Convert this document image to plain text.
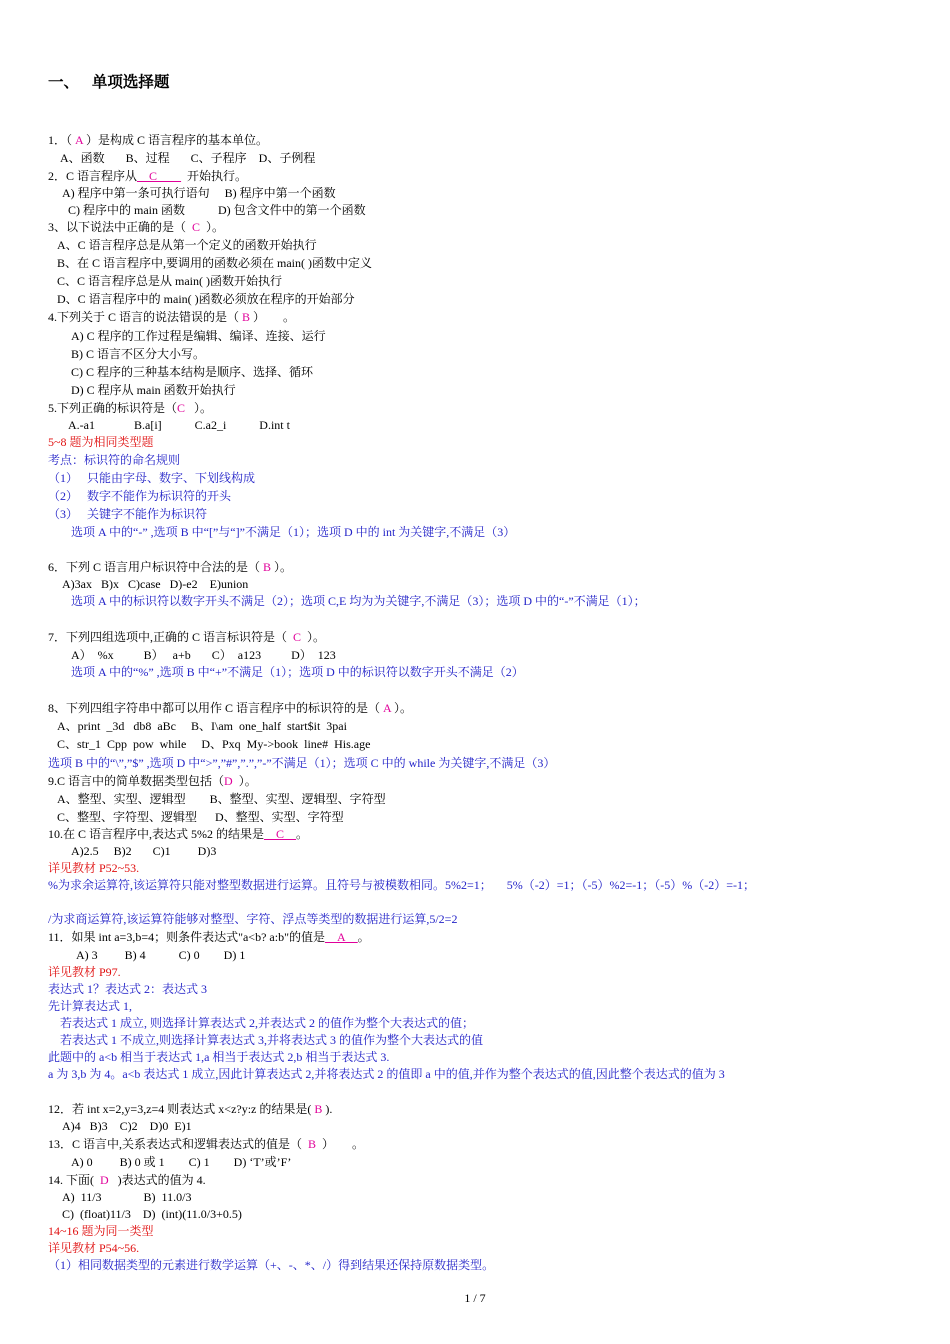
一、   单项选择题
1．（ A ）是构成 C 语言程序的基本单位。
A、函数       B、过程       C、子程序    D、子例程
2．C 语言程序从__C____  开始执行。
A) 程序中第一条可执行语句     B) 程序中第一个函数
C) 程序中的 main 函数           D) 包含文件中的第一个函数
3、以下说法中正确的是（  C  ）。
A、C 语言程序总是从第一个定义的函数开始执行
B、在 C 语言程序中,要调用的函数必须在 main( )函数中定义
C、C 语言程序总是从 main( )函数开始执行
D、C 语言程序中的 main( )函数必须放在程序的开始部分
4.下列关于 C 语言的说法错误的是（ B ）      。
A) C 程序的工作过程是编辑、编译、连接、运行
B) C 语言不区分大小写。
C) C 程序的三种基本结构是顺序、选择、循环
D) C 程序从 main 函数开始执行
5.下列正确的标识符是（C   ）。
A.-a1             B.a[i]           C.a2_i           D.int t
5~8 题为相同类型题
考点：标识符的命名规则
（1）   只能由字母、数字、下划线构成
（2）   数字不能作为标识符的开头
（3）   关键字不能作为标识符
选项 A 中的“-” ,选项 B 中“[”与“]”不满足（1）；选项 D 中的 int 为关键字,不满足（3）
6．下列 C 语言用户标识符中合法的是（ B ）。
A)3ax   B)x   C)case   D)-e2    E)union
选项 A 中的标识符以数字开头不满足（2）；选项 C,E 均为为关键字,不满足（3）；选项 D 中的“-”不满足（1）；
7．下列四组选项中,正确的 C 语言标识符是（  C  ）。
A）  %x          B）   a+b       C）  a123          D）  123
选项 A 中的“%” ,选项 B 中“+”不满足（1）；选项 D 中的标识符以数字开头不满足（2）
8、下列四组字符串中都可以用作 C 语言程序中的标识符的是（ A ）。
A、print  _3d   db8  aBc     B、I\am  one_half  start$it  3pai
C、str_1  Cpp  pow  while     D、Pxq  My->book  line#  His.age
选项 B 中的“\”,”$” ,选项 D 中“>”,”#”,”.”,”-”不满足（1）；选项 C 中的 while 为关键字,不满足（3）
9.C 语言中的简单数据类型包括（D  ）。
A、整型、实型、逻辑型        B、整型、实型、逻辑型、字符型
C、整型、字符型、逻辑型      D、整型、实型、字符型
10.在 C 语言程序中,表达式 5%2 的结果是__C__。
A)2.5     B)2       C)1         D)3
详见教材 P52~53.
%为求余运算符,该运算符只能对整型数据进行运算。且符号与被模数相同。5%2=1；     5%（-2）=1；（-5）%2=-1；（-5）%（-2）=-1；
/为求商运算符,该运算符能够对整型、字符、浮点等类型的数据进行运算,5/2=2
11．如果 int a=3,b=4；则条件表达式"a<b? a:b"的值是__A__。
A) 3         B) 4           C) 0        D) 1
详见教材 P97.
表达式 1？表达式 2：表达式 3
先计算表达式 1,
若表达式 1 成立, 则选择计算表达式 2,并表达式 2 的值作为整个大表达式的值；
若表达式 1 不成立,则选择计算表达式 3,并将表达式 3 的值作为整个大表达式的值
此题中的 a<b 相当于表达式 1,a 相当于表达式 2,b 相当于表达式 3.
a 为 3,b 为 4。a<b 表达式 1 成立,因此计算表达式 2,并将表达式 2 的值即 a 中的值,并作为整个表达式的值,因此整个表达式的值为 3
12．若 int x=2,y=3,z=4 则表达式 x<z?y:z 的结果是( B ).
A)4   B)3    C)2    D)0  E)1
13．C 语言中,关系表达式和逻辑表达式的值是（  B  ）      。
A) 0         B) 0 或 1        C) 1        D) ‘T’或’F’
14. 下面(  D   )表达式的值为 4.
A)  11/3              B)  11.0/3
C)  (float)11/3    D)  (int)(11.0/3+0.5)
14~16 题为同一类型
详见教材 P54~56.
（1）相同数据类型的元素进行数学运算（+、-、*、/）得到结果还保持原数据类型。
1 / 7
